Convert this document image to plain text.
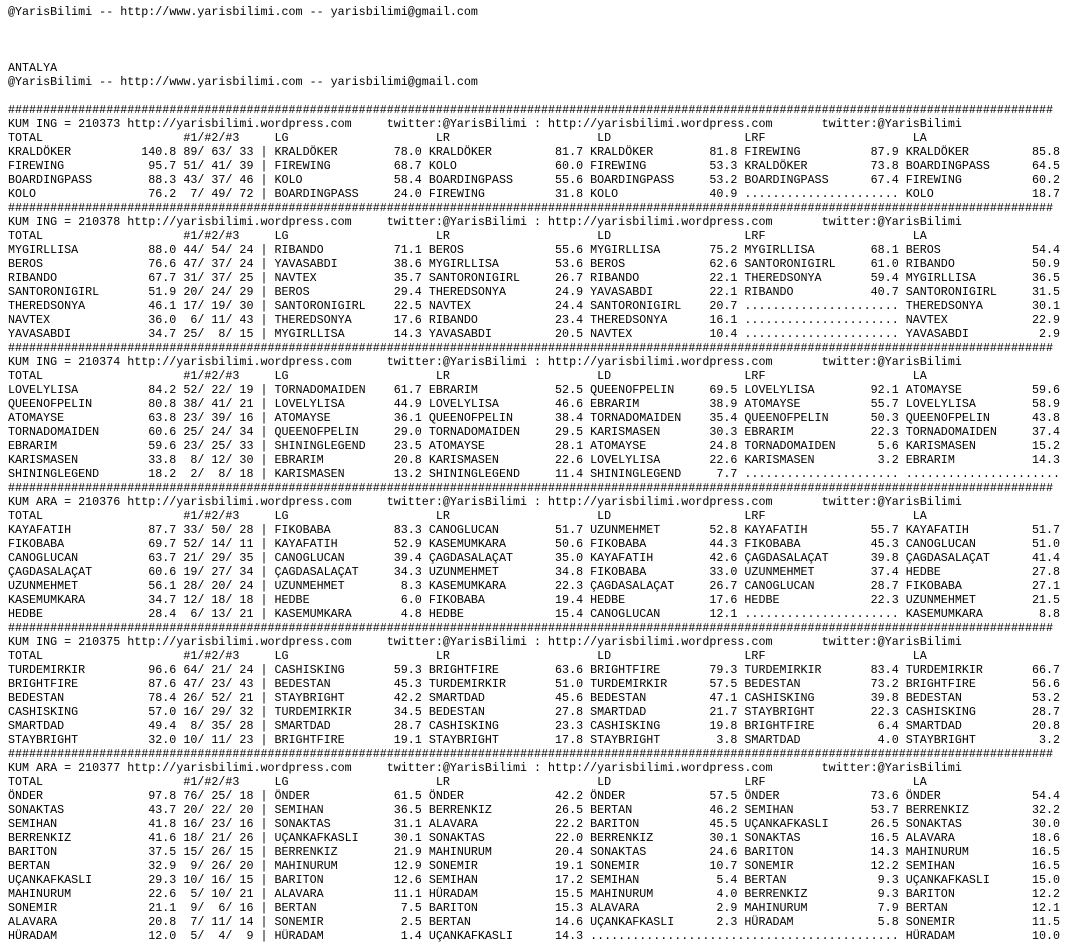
@YarisBilimi -- http://www.yarisbilimi.com -- yarisbilimi@gmail.com
ANTALYA
@YarisBilimi -- http://www.yarisbilimi.com -- yarisbilimi@gmail.com
#####################################################################################################################################################
KUM ING = 210373 http://yarisbilimi.wordpress.com	twitter:@YarisBilimi : http://yarisbilimi.wordpress.com	twitter:@YarisBilimi
TOTAL	#1/#2/#3	LG	LR	LD	LRF	LA
KRALDÖKER	140.8 89/ 63/ 33 | KRALDÖKER	78.0 KRALDÖKER	81.7 KRALDÖKER	81.8 FIREWING	87.9 KRALDÖKER	85.8
FIREWING	95.7 51/ 41/ 39 | FIREWING	68.7 KOLO	60.0 FIREWING	53.3 KRALDÖKER	73.8 BOARDINGPASS	64.5
BOARDINGPASS	88.3 43/ 37/ 46 | KOLO	58.4 BOARDINGPASS	55.6 BOARDINGPASS	53.2 BOARDINGPASS	67.4 FIREWING	60.2
KOLO	76.2 7/ 49/ 72 | BOARDINGPASS	24.0 FIREWING	31.8 KOLO	40.9 ...................... KOLO	18.7
#####################################################################################################################################################
KUM ING = 210378 http://yarisbilimi.wordpress.com	twitter:@YarisBilimi : http://yarisbilimi.wordpress.com	twitter:@YarisBilimi
TOTAL	#1/#2/#3	LG	LR	LD	LRF	LA
MYGIRLLISA	88.0 44/ 54/ 24 | RIBANDO	71.1 BEROS	55.6 MYGIRLLISA	75.2 MYGIRLLISA	68.1 BEROS	54.4
BEROS	76.6 47/ 37/ 24 | YAVASABDI	38.6 MYGIRLLISA	53.6 BEROS	62.6 SANTORONIGIRL	61.0 RIBANDO	50.9
RIBANDO	67.7 31/ 37/ 25 | NAVTEX	35.7 SANTORONIGIRL	26.7 RIBANDO	22.1 THEREDSONYA	59.4 MYGIRLLISA	36.5
SANTORONIGIRL	51.9 20/ 24/ 29 | BEROS	29.4 THEREDSONYA	24.9 YAVASABDI	22.1 RIBANDO	40.7 SANTORONIGIRL	31.5
THEREDSONYA	46.1 17/ 19/ 30 | SANTORONIGIRL	22.5 NAVTEX	24.4 SANTORONIGIRL	20.7 ...................... THEREDSONYA	30.1
NAVTEX	36.0 6/ 11/ 43 | THEREDSONYA	17.6 RIBANDO	23.4 THEREDSONYA	16.1 ...................... NAVTEX	22.9
YAVASABDI	34.7 25/  8/ 15 | MYGIRLLISA	14.3 YAVASABDI	20.5 NAVTEX	10.4 ...................... YAVASABDI	2.9
#####################################################################################################################################################
KUM ING = 210374 http://yarisbilimi.wordpress.com	twitter:@YarisBilimi : http://yarisbilimi.wordpress.com	twitter:@YarisBilimi
TOTAL	#1/#2/#3	LG	LR	LD	LRF	LA
LOVELYLISA	84.2 52/ 22/ 19 | TORNADOMAIDEN	61.7 EBRARIM	52.5 QUEENOFPELIN	69.5 LOVELYLISA	92.1 ATOMAYSE	59.6
QUEENOFPELIN	80.8 38/ 41/ 21 | LOVELYLISA	44.9 LOVELYLISA	46.6 EBRARIM	38.9 ATOMAYSE	55.7 LOVELYLISA	58.9
ATOMAYSE	63.8 23/ 39/ 16 | ATOMAYSE	36.1 QUEENOFPELIN	38.4 TORNADOMAIDEN	35.4 QUEENOFPELIN	50.3 QUEENOFPELIN	43.8
TORNADOMAIDEN	60.6 25/ 24/ 34 | QUEENOFPELIN	29.0 TORNADOMAIDEN	29.5 KARISMASEN	30.3 EBRARIM	22.3 TORNADOMAIDEN	37.4
EBRARIM	59.6 23/ 25/ 33 | SHININGLEGEND	23.5 ATOMAYSE	28.1 ATOMAYSE	24.8 TORNADOMAIDEN	5.6 KARISMASEN	15.2
KARISMASEN	33.8 8/ 12/ 30 | EBRARIM	20.8 KARISMASEN	22.6 LOVELYLISA	22.6 KARISMASEN	3.2 EBRARIM	14.3
SHININGLEGEND	18.2 2/  8/ 18 | KARISMASEN	13.2 SHININGLEGEND	11.4 SHININGLEGEND	7.7 ...................... ......................
#####################################################################################################################################################
KUM ARA = 210376 http://yarisbilimi.wordpress.com	twitter:@YarisBilimi : http://yarisbilimi.wordpress.com	twitter:@YarisBilimi
TOTAL	#1/#2/#3	LG	LR	LD	LRF	LA
KAYAFATIH	87.7 33/ 50/ 28 | FIKOBABA	83.3 CANOGLUCAN	51.7 UZUNMEHMET	52.8 KAYAFATIH	55.7 KAYAFATIH	51.7
FIKOBABA	69.7 52/ 14/ 11 | KAYAFATIH	52.9 KASEMUMKARA	50.6 FIKOBABA	44.3 FIKOBABA	45.3 CANOGLUCAN	51.0
CANOGLUCAN	63.7 21/ 29/ 35 | CANOGLUCAN	39.4 ÇAGDASALAÇAT	35.0 KAYAFATIH	42.6 ÇAGDASALAÇAT	39.8 ÇAGDASALAÇAT	41.4
ÇAGDASALAÇAT	60.6 19/ 27/ 34 | ÇAGDASALAÇAT	34.3 UZUNMEHMET	34.8 FIKOBABA	33.0 UZUNMEHMET	37.4 HEDBE	27.8
UZUNMEHMET	56.1 28/ 20/ 24 | UZUNMEHMET	8.3 KASEMUMKARA	22.3 ÇAGDASALAÇAT	26.7 CANOGLUCAN	28.7 FIKOBABA	27.1
KASEMUMKARA	34.7 12/ 18/ 18 | HEDBE	6.0 FIKOBABA	19.4 HEDBE	17.6 HEDBE	22.3 UZUNMEHMET	21.5
HEDBE	28.4 6/ 13/ 21 | KASEMUMKARA	4.8 HEDBE	15.4 CANOGLUCAN	12.1 ...................... KASEMUMKARA	8.8
#####################################################################################################################################################
KUM ING = 210375 http://yarisbilimi.wordpress.com	twitter:@YarisBilimi : http://yarisbilimi.wordpress.com	twitter:@YarisBilimi
TOTAL	#1/#2/#3	LG	LR	LD	LRF	LA
TURDEMIRKIR	96.6 64/ 21/ 24 | CASHISKING	59.3 BRIGHTFIRE	63.6 BRIGHTFIRE	79.3 TURDEMIRKIR	83.4 TURDEMIRKIR	66.7
BRIGHTFIRE	87.6 47/ 23/ 43 | BEDESTAN	45.3 TURDEMIRKIR	51.0 TURDEMIRKIR	57.5 BEDESTAN	73.2 BRIGHTFIRE	56.6
BEDESTAN	78.4 26/ 52/ 21 | STAYBRIGHT	42.2 SMARTDAD	45.6 BEDESTAN	47.1 CASHISKING	39.8 BEDESTAN	53.2
CASHISKING	57.0 16/ 29/ 32 | TURDEMIRKIR	34.5 BEDESTAN	27.8 SMARTDAD	21.7 STAYBRIGHT	22.3 CASHISKING	28.7
SMARTDAD	49.4 8/ 35/ 28 | SMARTDAD	28.7 CASHISKING	23.3 CASHISKING	19.8 BRIGHTFIRE	6.4 SMARTDAD	20.8
STAYBRIGHT	32.0 10/ 11/ 23 | BRIGHTFIRE	19.1 STAYBRIGHT	17.8 STAYBRIGHT	3.8 SMARTDAD	4.0 STAYBRIGHT	3.2
#####################################################################################################################################################
KUM ARA = 210377 http://yarisbilimi.wordpress.com	twitter:@YarisBilimi : http://yarisbilimi.wordpress.com	twitter:@YarisBilimi
TOTAL	#1/#2/#3	LG	LR	LD	LRF	LA
ÖNDER	97.8 76/ 25/ 18 | ÖNDER	61.5 ÖNDER	42.2 ÖNDER	57.5 ÖNDER	73.6 ÖNDER	54.4
SONAKTAS	43.7 20/ 22/ 20 | SEMIHAN	36.5 BERRENKIZ	26.5 BERTAN	46.2 SEMIHAN	53.7 BERRENKIZ	32.2
SEMIHAN	41.8 16/ 23/ 16 | SONAKTAS	31.1 ALAVARA	22.2 BARITON	45.5 UÇANKAFKASLI	26.5 SONAKTAS	30.0
BERRENKIZ	41.6 18/ 21/ 26 | UÇANKAFKASLI	30.1 SONAKTAS	22.0 BERRENKIZ	30.1 SONAKTAS	16.5 ALAVARA	18.6
BARITON	37.5 15/ 26/ 15 | BERRENKIZ	21.9 MAHINURUM	20.4 SONAKTAS	24.6 BARITON	14.3 MAHINURUM	16.5
BERTAN	32.9 9/ 26/ 20 | MAHINURUM	12.9 SONEMIR	19.1 SONEMIR	10.7 SONEMIR	12.2 SEMIHAN	16.5
UÇANKAFKASLI	29.3 10/ 16/ 15 | BARITON	12.6 SEMIHAN	17.2 SEMIHAN	5.4 BERTAN	9.3 UÇANKAFKASLI	15.0
MAHINURUM	22.6 5/ 10/ 21 | ALAVARA	11.1 HÜRADAM	15.5 MAHINURUM	4.0 BERRENKIZ	9.3 BARITON	12.2
SONEMIR	21.1 9/  6/ 16 | BERTAN	7.5 BARITON	15.3 ALAVARA	2.9 MAHINURUM	7.9 BERTAN	12.1
ALAVARA	20.8 7/ 11/ 14 | SONEMIR	2.5 BERTAN	14.6 UÇANKAFKASLI	2.3 HÜRADAM	5.8 SONEMIR	11.5
HÜRADAM	12.0 5/  4/  9 | HÜRADAM	1.4 UÇANKAFKASLI	14.3 ...................... ...................... HÜRADAM	10.0
